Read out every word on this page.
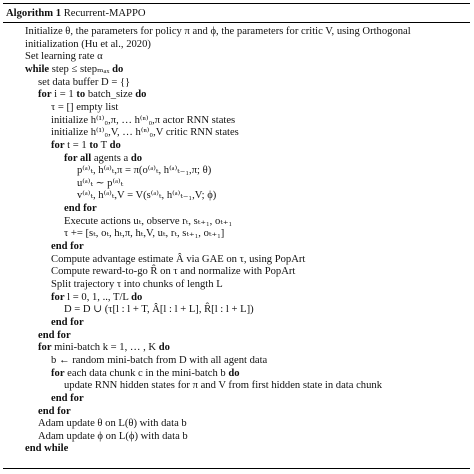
Algorithm 1 Recurrent-MAPPO
Initialize θ, the parameters for policy π and ϕ, the parameters for critic V, using Orthogonal
initialization (Hu et al., 2020)
Set learning rate α
while step ≤ stepₘₐₓ do
set data buffer D = {}
for i = 1 to batch_size do
τ = [] empty list
initialize h⁽¹⁾₀,π, … h⁽ⁿ⁾₀,π actor RNN states
initialize h⁽¹⁾₀,V, … h⁽ⁿ⁾₀,V critic RNN states
for t = 1 to T do
for all agents a do
p⁽ᵃ⁾ₜ, h⁽ᵃ⁾ₜ,π = π(o⁽ᵃ⁾ₜ, h⁽ᵃ⁾ₜ₋₁,π; θ)
u⁽ᵃ⁾ₜ ∼ p⁽ᵃ⁾ₜ
v⁽ᵃ⁾ₜ, h⁽ᵃ⁾ₜ,V = V(s⁽ᵃ⁾ₜ, h⁽ᵃ⁾ₜ₋₁,V; ϕ)
end for
Execute actions uₜ, observe rₜ, sₜ₊₁, oₜ₊₁
τ += [sₜ, oₜ, hₜ,π, hₜ,V, uₜ, rₜ, sₜ₊₁, oₜ₊₁]
end for
Compute advantage estimate Â via GAE on τ, using PopArt
Compute reward-to-go R̂ on τ and normalize with PopArt
Split trajectory τ into chunks of length L
for l = 0, 1, .., T/L do
D = D ∪ (τ[l : l + T, Â[l : l + L], R̂[l : l + L])
end for
end for
for mini-batch k = 1, … , K do
b ← random mini-batch from D with all agent data
for each data chunk c in the mini-batch b do
update RNN hidden states for π and V from first hidden state in data chunk
end for
end for
Adam update θ on L(θ) with data b
Adam update ϕ on L(ϕ) with data b
end while
